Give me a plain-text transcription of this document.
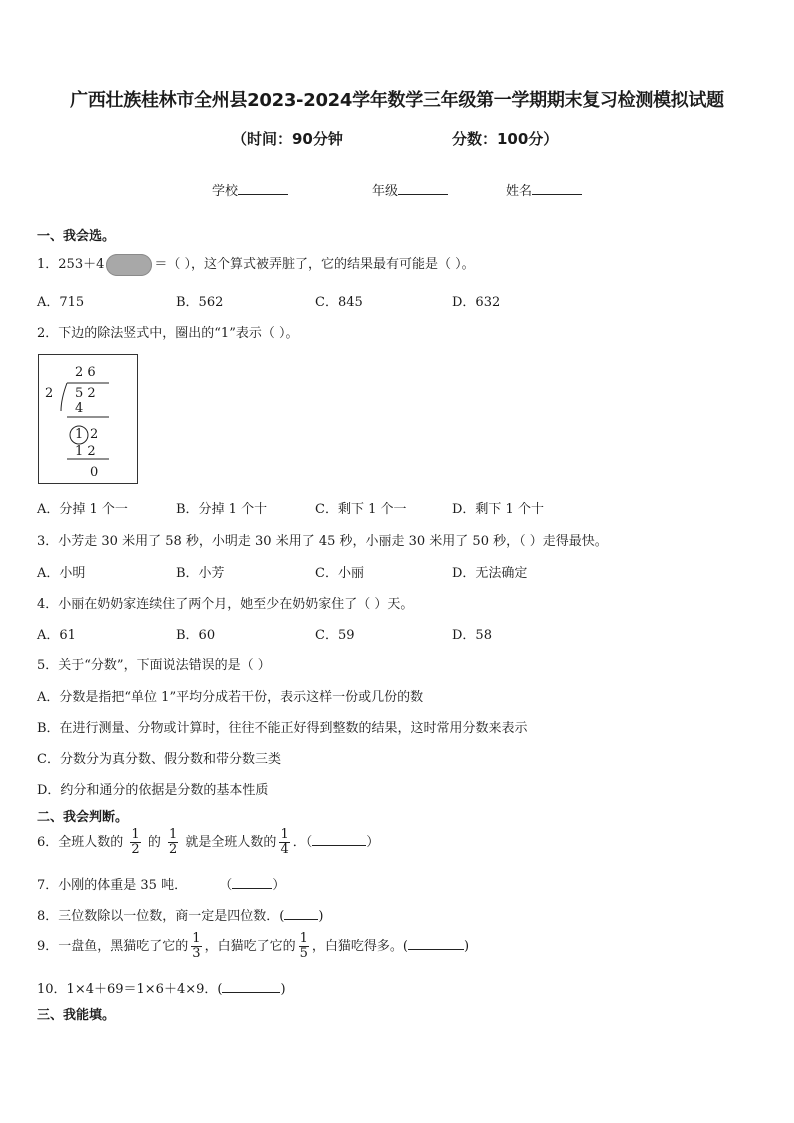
广西壮族桂林市全州县2023-2024学年数学三年级第一学期期末复习检测模拟试题
（时间：90分钟	分数：100分）
学校	年级	姓名
一、我会选。
1．253＋4	＝（ ），这个算式被弄脏了，它的结果最有可能是（ ）。
A．715	B．562	C．845	D．632
2．下边的除法竖式中，圈出的“1”表示（ ）。
2 6
2 5 2
4
1 2
1 2
0
A．分掉 1 个一	B．分掉 1 个十	C．剩下 1 个一	D．剩下 1 个十
3．小芳走 30 米用了 58 秒，小明走 30 米用了 45 秒，小丽走 30 米用了 50 秒，（ ）走得最快。
A．小明	B．小芳	C．小丽	D．无法确定
4．小丽在奶奶家连续住了两个月，她至少在奶奶家住了（ ）天。
A．61	B．60	C．59	D．58
5．关于“分数”，下面说法错误的是（ ）
A．分数是指把“单位 1”平均分成若干份，表示这样一份或几份的数
B．在进行测量、分物或计算时，往往不能正好得到整数的结果，这时常用分数来表示
C．分数分为真分数、假分数和带分数三类
D．约分和通分的依据是分数的基本性质
二、我会判断。
6．全班人数的 $\frac{1}{2}$ 的 $\frac{1}{2}$ 就是全班人数的 $\frac{1}{4}$ ．（	）
7．小刚的体重是 35 吨． （	）
8．三位数除以一位数，商一定是四位数．(	)
9．一盘鱼，黑猫吃了它的 $\frac{1}{3}$ ，白猫吃了它的 $\frac{1}{5}$ ，白猫吃得多。(	)
10．1×4＋69＝1×6＋4×9．(	)
三、我能填。
